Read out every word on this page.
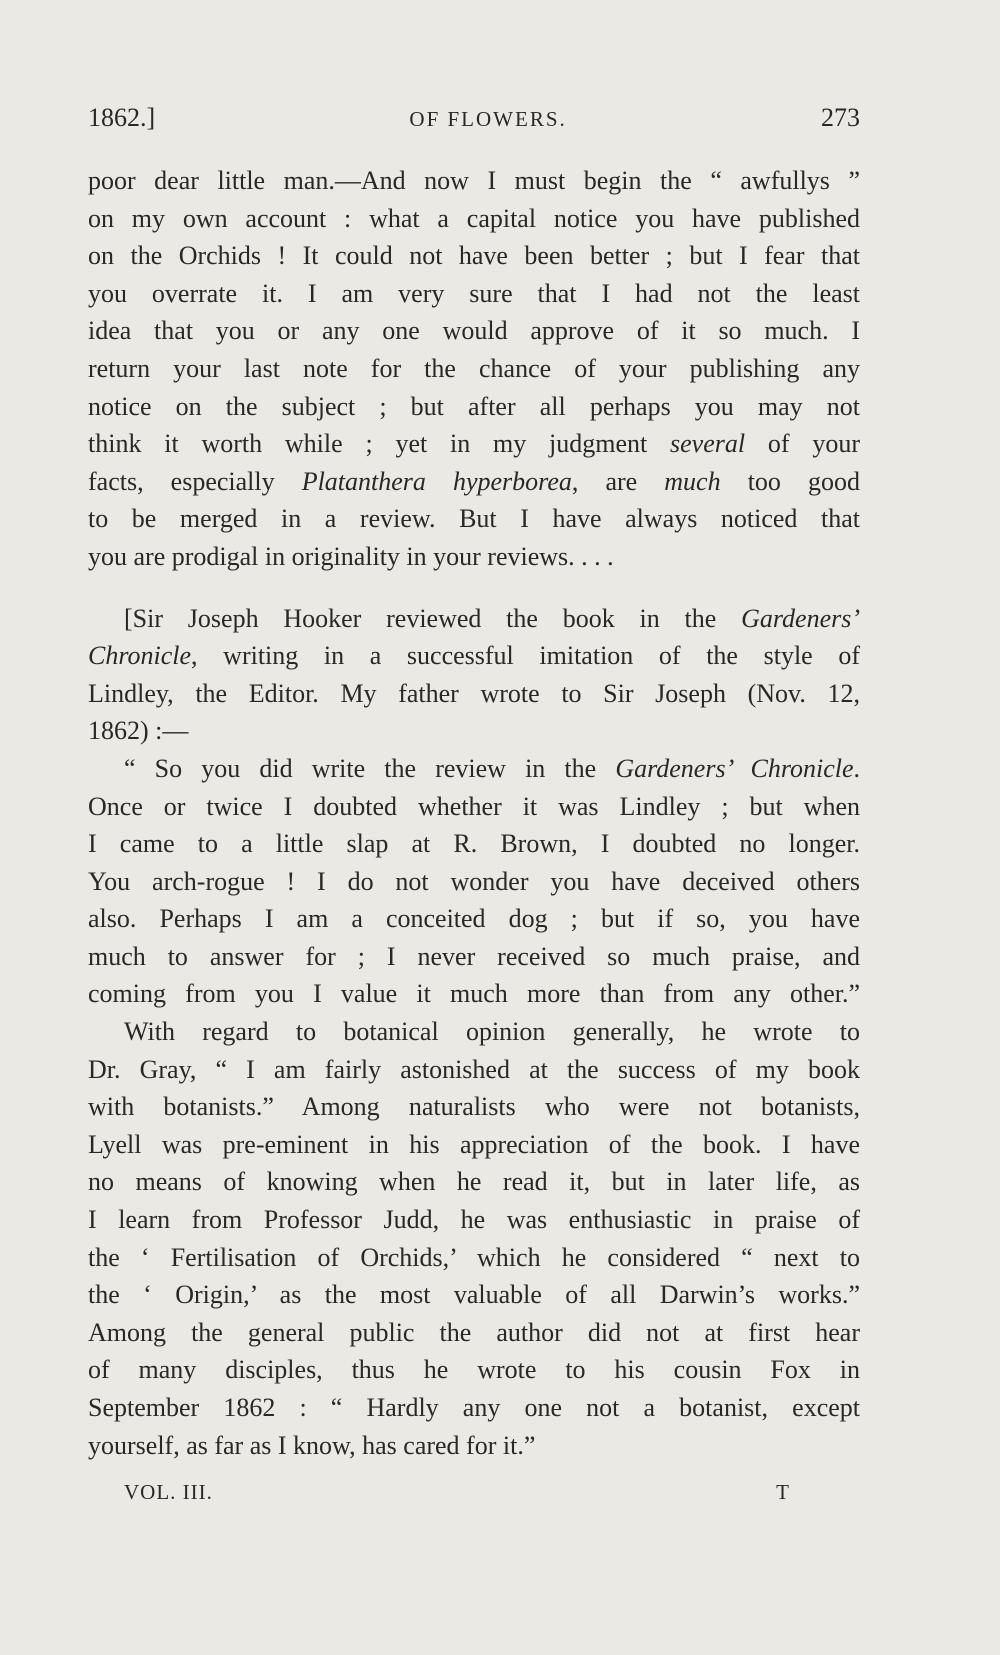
1862.]	OF FLOWERS.	273

poor dear little man.—And now I must begin the “ awfullys ”
on my own account : what a capital notice you have published
on the Orchids ! It could not have been better ; but I fear that
you overrate it. I am very sure that I had not the least
idea that you or any one would approve of it so much. I
return your last note for the chance of your publishing any
notice on the subject ; but after all perhaps you may not
think it worth while ; yet in my judgment several of your
facts, especially Platanthera hyperborea, are much too good
to be merged in a review. But I have always noticed that
you are prodigal in originality in your reviews. . . .

[Sir Joseph Hooker reviewed the book in the Gardeners’
Chronicle, writing in a successful imitation of the style of
Lindley, the Editor. My father wrote to Sir Joseph (Nov. 12,
1862) :—

“ So you did write the review in the Gardeners’ Chronicle.
Once or twice I doubted whether it was Lindley ; but when
I came to a little slap at R. Brown, I doubted no longer.
You arch-rogue ! I do not wonder you have deceived others
also. Perhaps I am a conceited dog ; but if so, you have
much to answer for ; I never received so much praise, and
coming from you I value it much more than from any other.”

With regard to botanical opinion generally, he wrote to
Dr. Gray, “ I am fairly astonished at the success of my book
with botanists.” Among naturalists who were not botanists,
Lyell was pre-eminent in his appreciation of the book. I have
no means of knowing when he read it, but in later life, as
I learn from Professor Judd, he was enthusiastic in praise of
the ‘ Fertilisation of Orchids,’ which he considered “ next to
the ‘ Origin,’ as the most valuable of all Darwin’s works.”
Among the general public the author did not at first hear
of many disciples, thus he wrote to his cousin Fox in
September 1862 : “ Hardly any one not a botanist, except
yourself, as far as I know, has cared for it.”

VOL. III.	T
